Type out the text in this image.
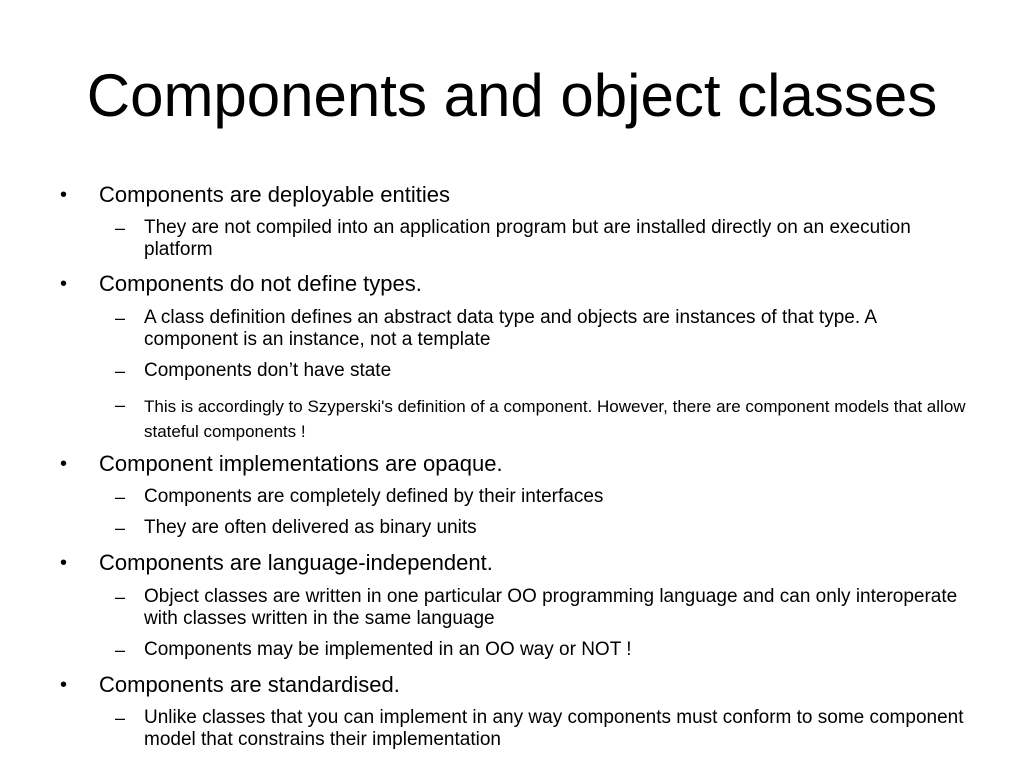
Components and object classes
• Components are deployable entities
– They are not compiled into an application program but are installed directly on an execution platform
• Components do not define types.
– A class definition defines an abstract data type and objects are instances of that type. A component is an instance, not a template
– Components don’t have state
– This is accordingly to Szyperski's definition of a component. However, there are component models that allow stateful components !
• Component implementations are opaque.
– Components are completely defined by their interfaces
– They are often delivered as binary units
• Components are language-independent.
– Object classes are written in one particular OO programming language and can only interoperate with classes written in the same language
– Components may be implemented in an OO way or NOT !
• Components are standardised.
– Unlike classes that you can implement in any way components must conform to some component model that constrains their implementation
